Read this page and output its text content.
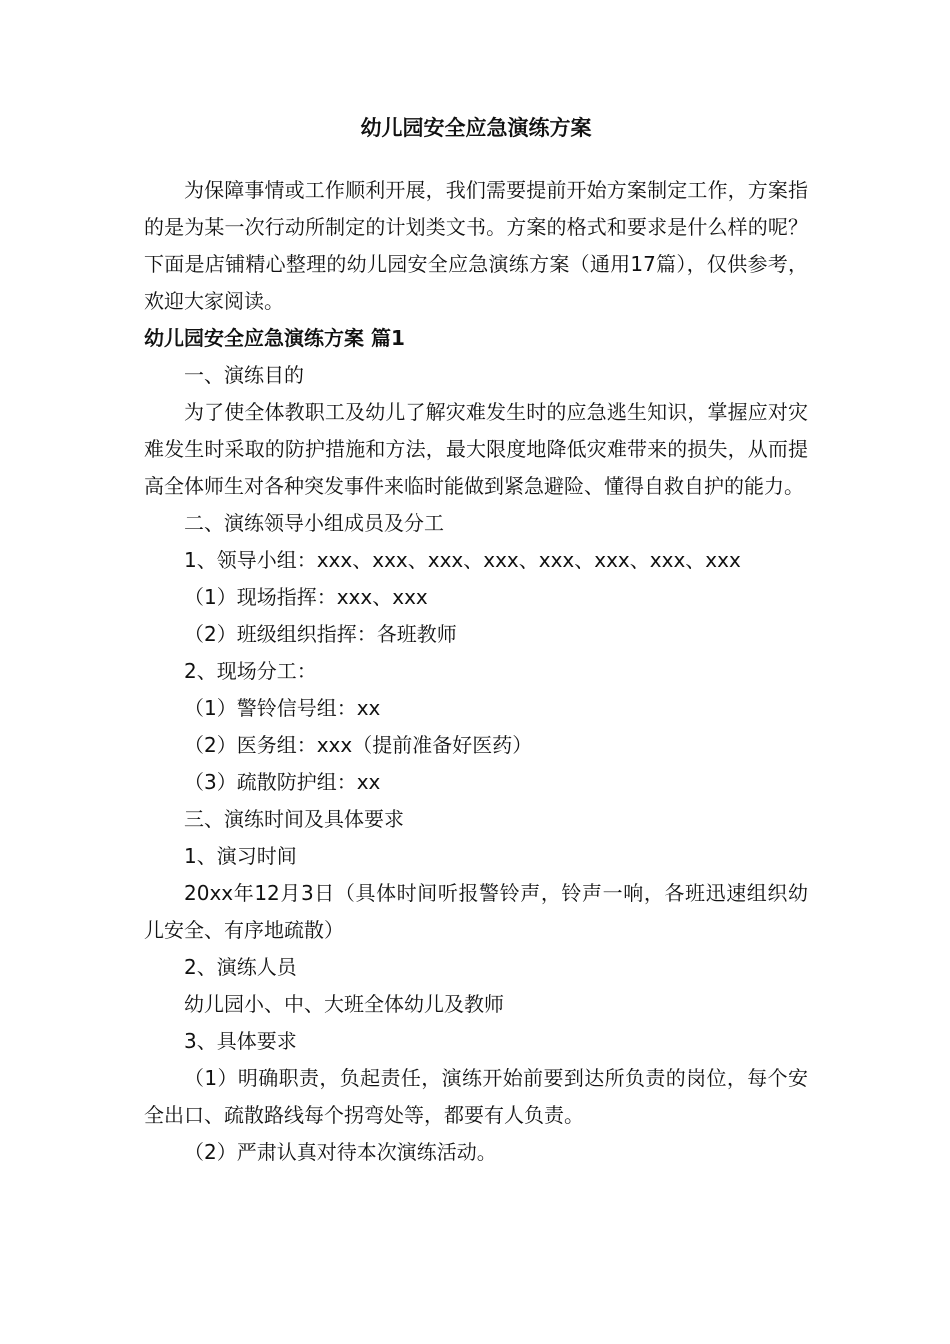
幼儿园安全应急演练方案

为保障事情或工作顺利开展，我们需要提前开始方案制定工作，方案指的是为某一次行动所制定的计划类文书。方案的格式和要求是什么样的呢？下面是店铺精心整理的幼儿园安全应急演练方案（通用17篇），仅供参考，欢迎大家阅读。

幼儿园安全应急演练方案 篇1

一、演练目的

为了使全体教职工及幼儿了解灾难发生时的应急逃生知识，掌握应对灾难发生时采取的防护措施和方法，最大限度地降低灾难带来的损失，从而提高全体师生对各种突发事件来临时能做到紧急避险、懂得自救自护的能力。

二、演练领导小组成员及分工

1、领导小组：xxx、xxx、xxx、xxx、xxx、xxx、xxx、xxx

（1）现场指挥：xxx、xxx

（2）班级组织指挥：各班教师

2、现场分工：

（1）警铃信号组：xx

（2）医务组：xxx（提前准备好医药）

（3）疏散防护组：xx

三、演练时间及具体要求

1、演习时间

20xx年12月3日（具体时间听报警铃声，铃声一响，各班迅速组织幼儿安全、有序地疏散）

2、演练人员

幼儿园小、中、大班全体幼儿及教师

3、具体要求

（1）明确职责，负起责任，演练开始前要到达所负责的岗位，每个安全出口、疏散路线每个拐弯处等，都要有人负责。

（2）严肃认真对待本次演练活动。
